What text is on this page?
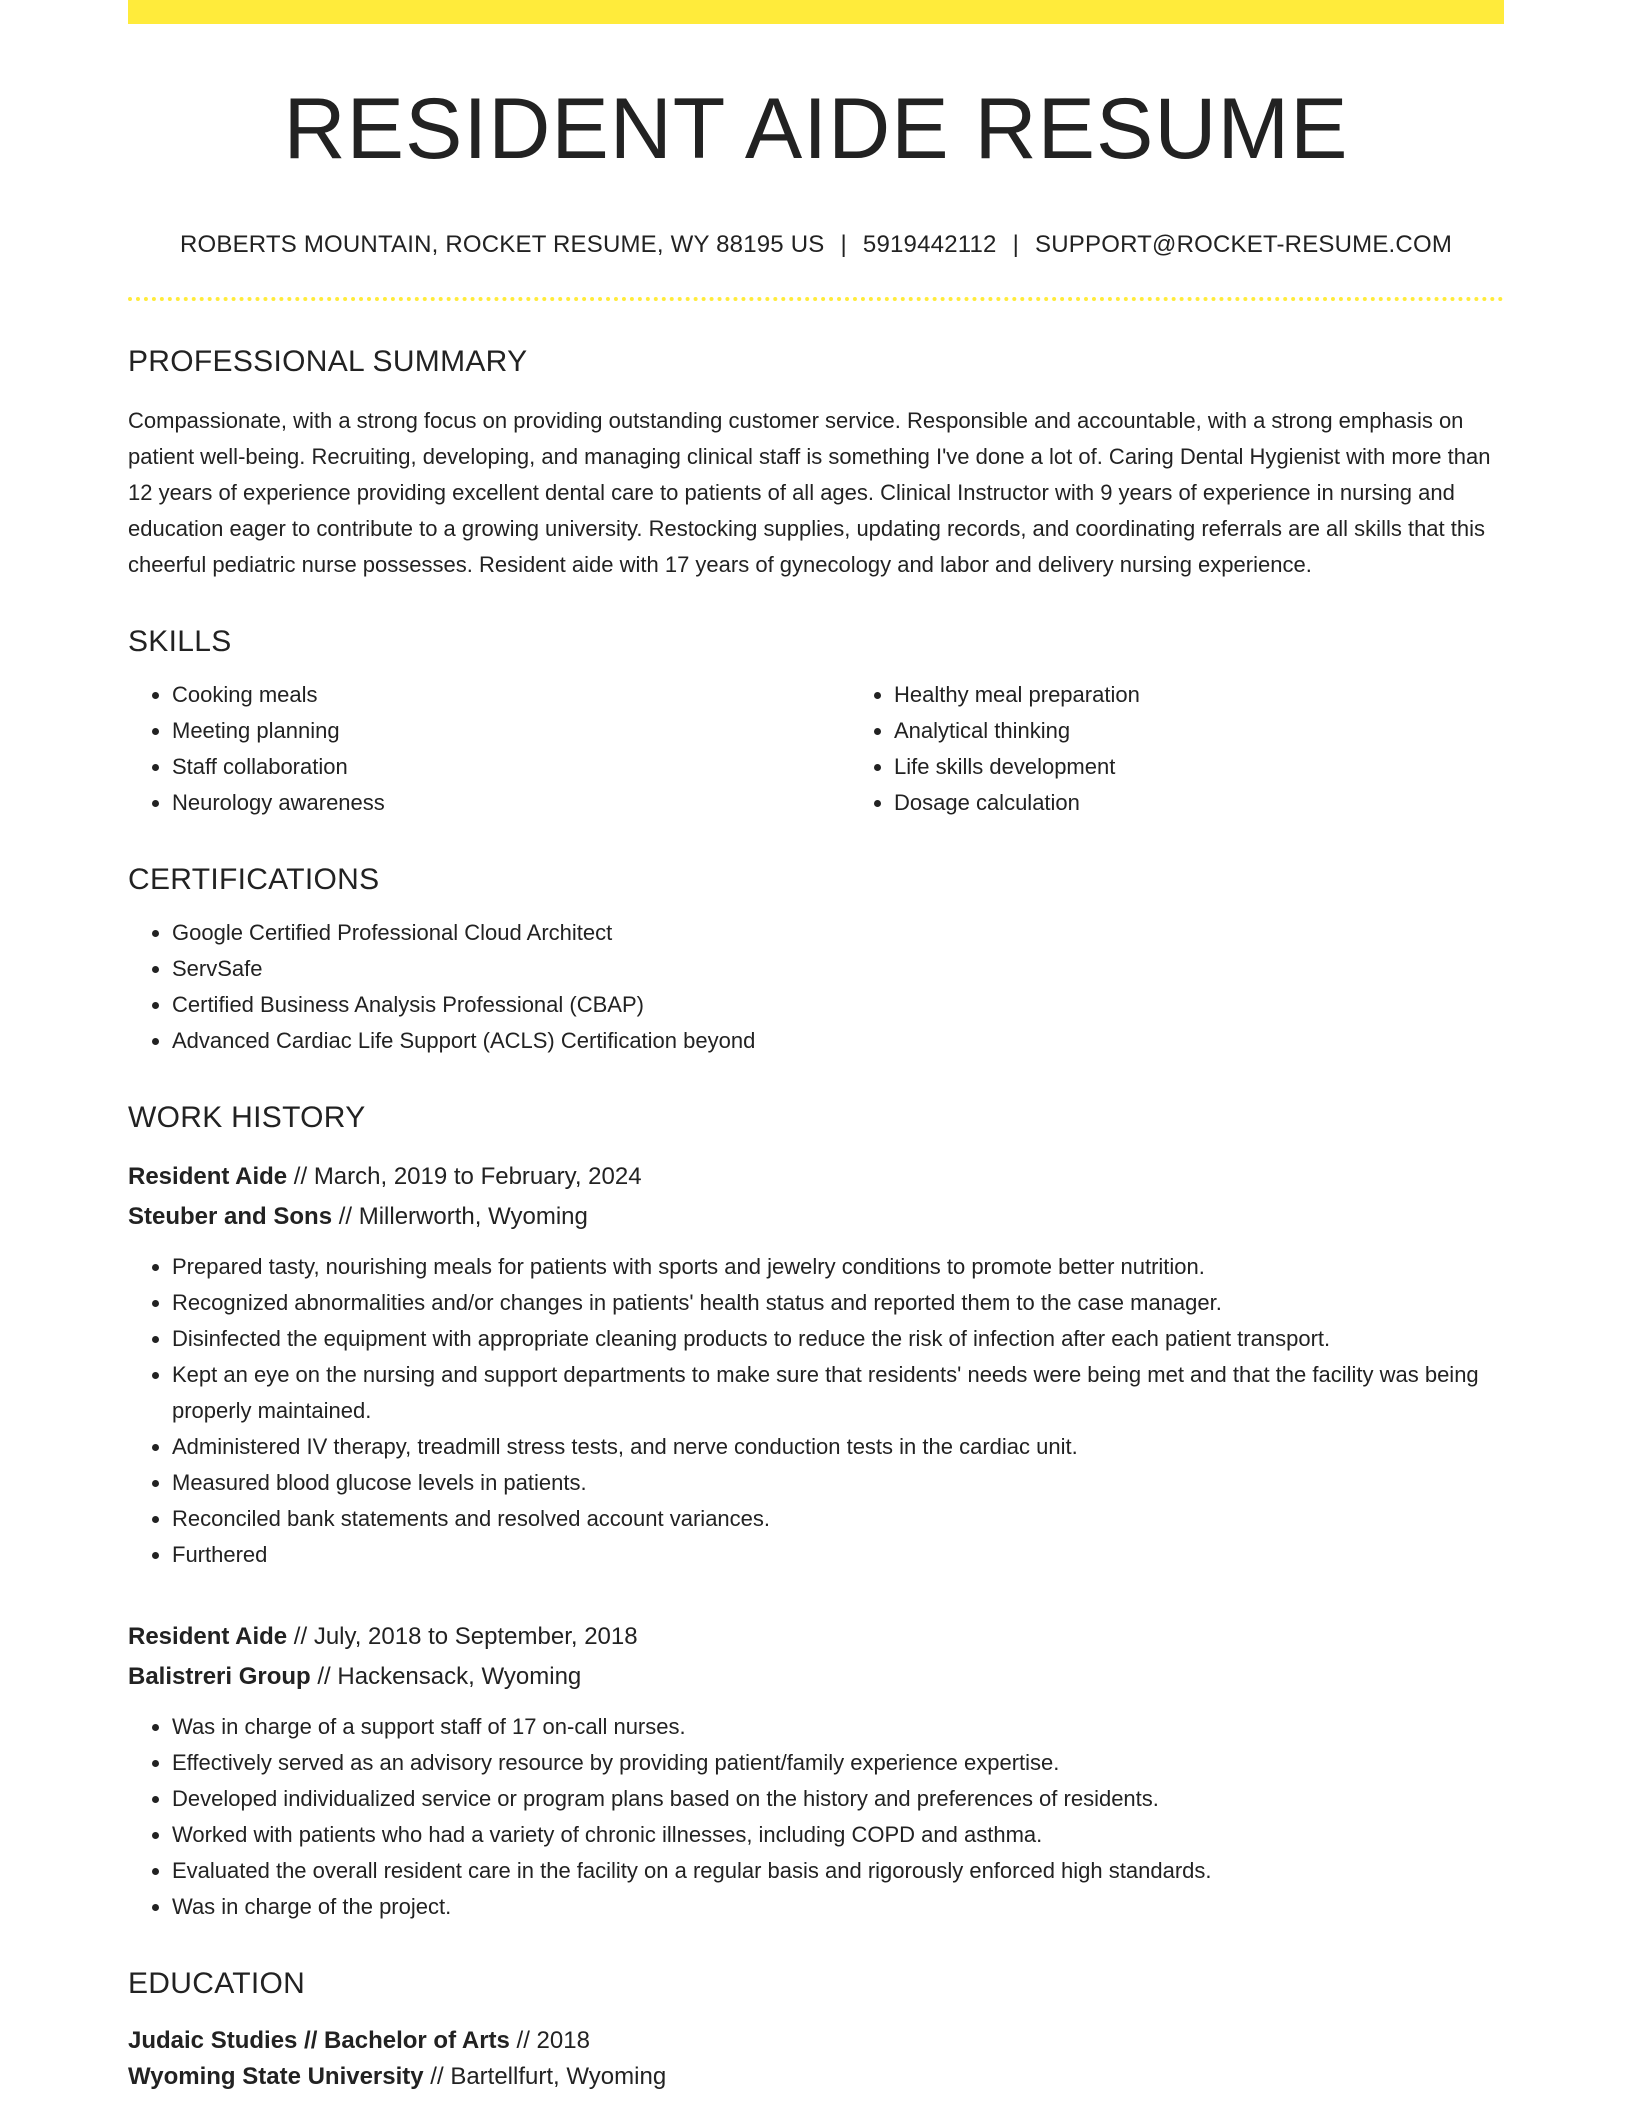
RESIDENT AIDE RESUME
ROBERTS MOUNTAIN, ROCKET RESUME, WY 88195 US | 5919442112 | SUPPORT@ROCKET-RESUME.COM
PROFESSIONAL SUMMARY

Compassionate, with a strong focus on providing outstanding customer service. Responsible and accountable, with a strong emphasis on patient well-being. Recruiting, developing, and managing clinical staff is something I've done a lot of. Caring Dental Hygienist with more than 12 years of experience providing excellent dental care to patients of all ages. Clinical Instructor with 9 years of experience in nursing and education eager to contribute to a growing university. Restocking supplies, updating records, and coordinating referrals are all skills that this cheerful pediatric nurse possesses. Resident aide with 17 years of gynecology and labor and delivery nursing experience.

SKILLS
• Cooking meals
• Meeting planning
• Staff collaboration
• Neurology awareness
• Healthy meal preparation
• Analytical thinking
• Life skills development
• Dosage calculation
CERTIFICATIONS
• Google Certified Professional Cloud Architect
• ServSafe
• Certified Business Analysis Professional (CBAP)
• Advanced Cardiac Life Support (ACLS) Certification beyond
WORK HISTORY
Resident Aide // March, 2019 to February, 2024
Steuber and Sons // Millerworth, Wyoming
• Prepared tasty, nourishing meals for patients with sports and jewelry conditions to promote better nutrition.
• Recognized abnormalities and/or changes in patients' health status and reported them to the case manager.
• Disinfected the equipment with appropriate cleaning products to reduce the risk of infection after each patient transport.
• Kept an eye on the nursing and support departments to make sure that residents' needs were being met and that the facility was being properly maintained.
• Administered IV therapy, treadmill stress tests, and nerve conduction tests in the cardiac unit.
• Measured blood glucose levels in patients.
• Reconciled bank statements and resolved account variances.
• Furthered
Resident Aide // July, 2018 to September, 2018
Balistreri Group // Hackensack, Wyoming
• Was in charge of a support staff of 17 on-call nurses.
• Effectively served as an advisory resource by providing patient/family experience expertise.
• Developed individualized service or program plans based on the history and preferences of residents.
• Worked with patients who had a variety of chronic illnesses, including COPD and asthma.
• Evaluated the overall resident care in the facility on a regular basis and rigorously enforced high standards.
• Was in charge of the project.
EDUCATION
Judaic Studies // Bachelor of Arts // 2018
Wyoming State University // Bartellfurt, Wyoming
